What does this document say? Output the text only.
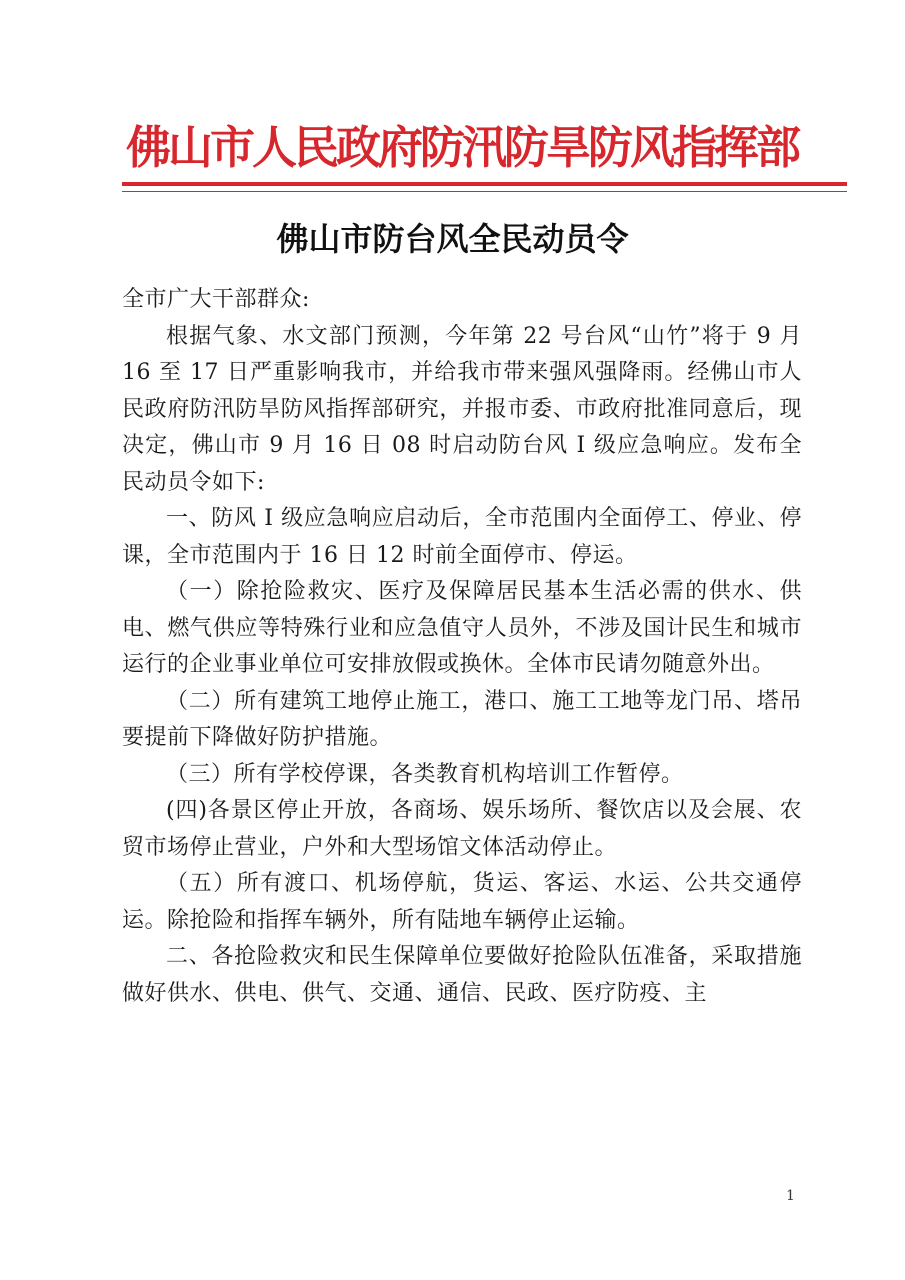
佛山市人民政府防汛防旱防风指挥部
佛山市防台风全民动员令

全市广大干部群众:

根据气象、水文部门预测，今年第 22 号台风“山竹”将于 9 月 16 至 17 日严重影响我市，并给我市带来强风强降雨。经佛山市人民政府防汛防旱防风指挥部研究，并报市委、市政府批准同意后，现决定，佛山市 9 月 16 日 08 时启动防台风 I 级应急响应。发布全民动员令如下:

一、防风 I 级应急响应启动后，全市范围内全面停工、停业、停课，全市范围内于 16 日 12 时前全面停市、停运。

（一）除抢险救灾、医疗及保障居民基本生活必需的供水、供电、燃气供应等特殊行业和应急值守人员外，不涉及国计民生和城市运行的企业事业单位可安排放假或换休。全体市民请勿随意外出。

（二）所有建筑工地停止施工，港口、施工工地等龙门吊、塔吊要提前下降做好防护措施。

（三）所有学校停课，各类教育机构培训工作暂停。

(四)各景区停止开放，各商场、娱乐场所、餐饮店以及会展、农贸市场停止营业，户外和大型场馆文体活动停止。

（五）所有渡口、机场停航，货运、客运、水运、公共交通停运。除抢险和指挥车辆外，所有陆地车辆停止运输。

二、各抢险救灾和民生保障单位要做好抢险队伍准备，采取措施做好供水、供电、供气、交通、通信、民政、医疗防疫、主

1
